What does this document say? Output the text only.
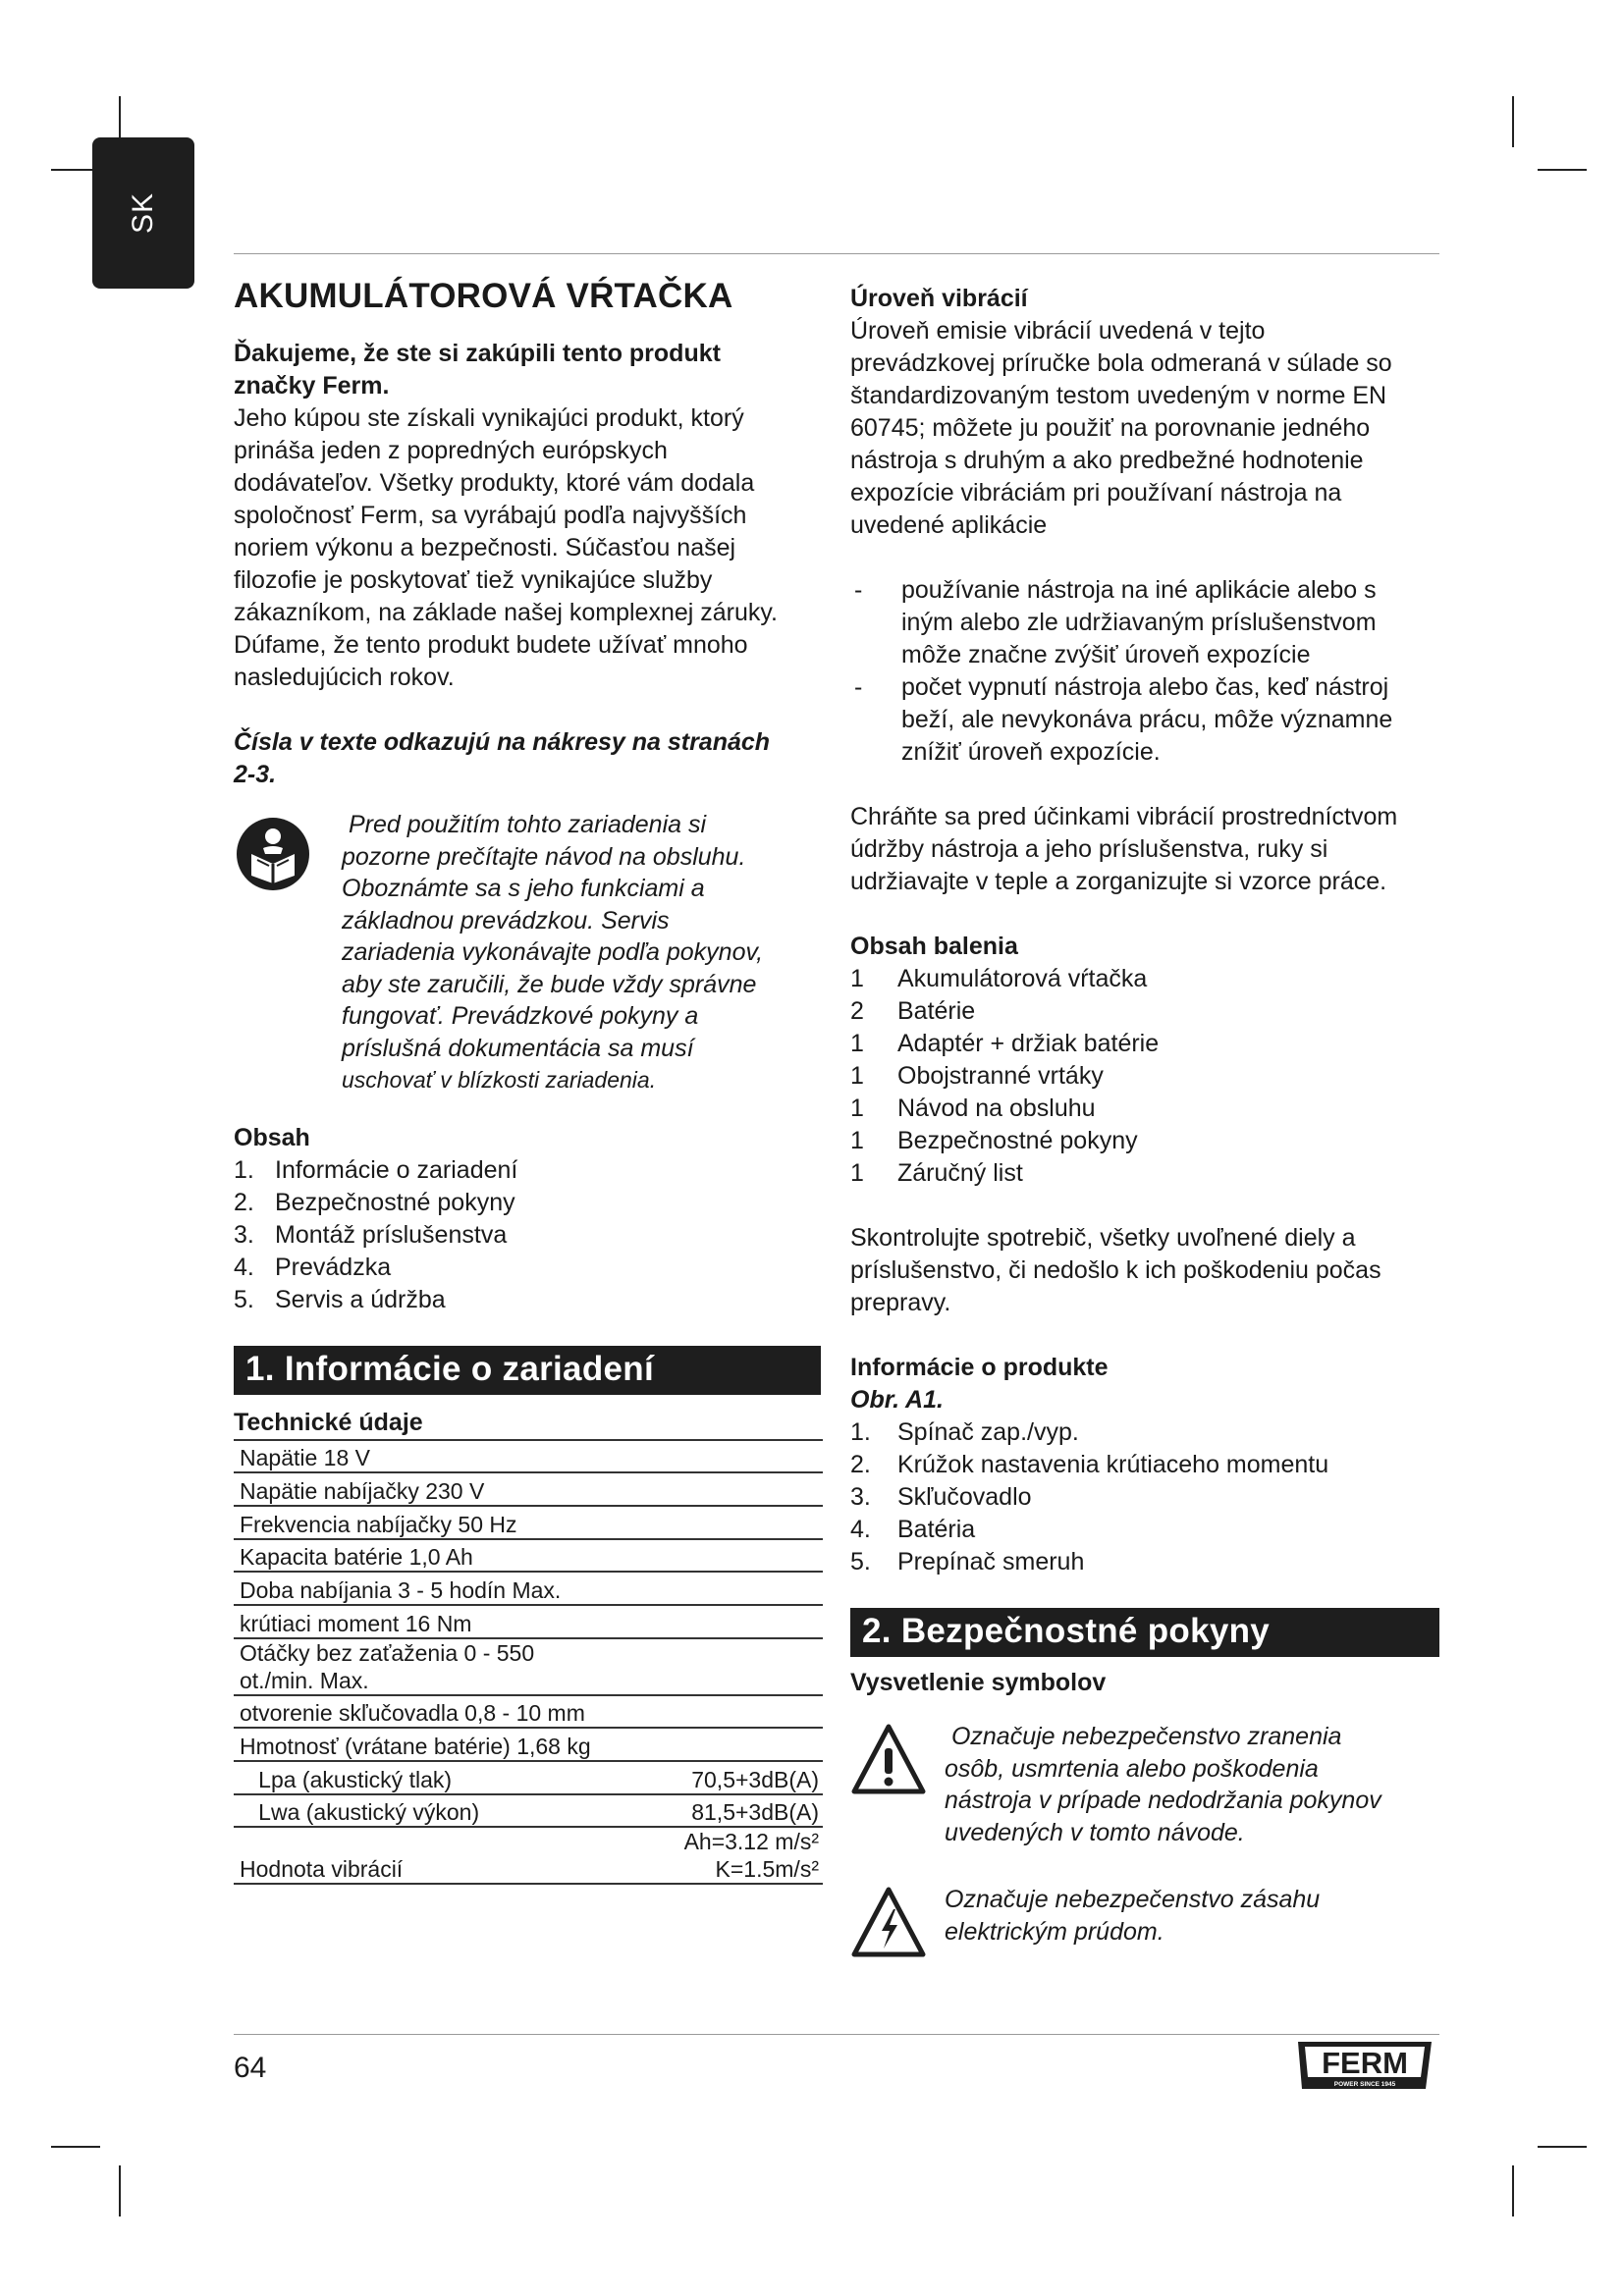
SK
AKUMULÁTOROVÁ VŔTAČKA

Ďakujeme, že ste si zakúpili tento produkt

značky Ferm.

Jeho kúpou ste získali vynikajúci produkt, ktorý

prináša jeden z popredných európskych

dodávateľov. Všetky produkty, ktoré vám dodala

spoločnosť Ferm, sa vyrábajú podľa najvyšších

noriem výkonu a bezpečnosti. Súčasťou našej

filozofie je poskytovať tiež vynikajúce služby

zákazníkom, na základe našej komplexnej záruky.

Dúfame, že tento produkt budete užívať mnoho

nasledujúcich rokov.

Čísla v texte odkazujú na nákresy na stranách

2-3.

Pred použitím tohto zariadenia si

pozorne prečítajte návod na obsluhu.

Oboznámte sa s jeho funkciami a

základnou prevádzkou. Servis

zariadenia vykonávajte podľa pokynov,

aby ste zaručili, že bude vždy správne

fungovať. Prevádzkové pokyny a

príslušná dokumentácia sa musí

uschovať v blízkosti zariadenia.

Obsah

1. Informácie o zariadení
2. Bezpečnostné pokyny
3. Montáž príslušenstva
4. Prevádzka
5. Servis a údržba
1. Informácie o zariadení

Technické údaje

Napätie 18 V	
Napätie nabíjačky 230 V	
Frekvencia nabíjačky 50 Hz	
Kapacita batérie 1,0 Ah	
Doba nabíjania 3 - 5 hodín Max.	
krútiaci moment 16 Nm	
Otáčky bez zaťaženia 0 - 550 ot./min. Max.	
otvorenie skľučovadla 0,8 - 10 mm	
Hmotnosť (vrátane batérie) 1,68 kg	
Lpa (akustický tlak)	70,5+3dB(A)
Lwa (akustický výkon)	81,5+3dB(A)
Hodnota vibrácií	Ah=3.12 m/s² K=1.5m/s²

Úroveň vibrácií

Úroveň emisie vibrácií uvedená v tejto

prevádzkovej príručke bola odmeraná v súlade so

štandardizovaným testom uvedeným v norme EN

60745; môžete ju použiť na porovnanie jedného

nástroja s druhým a ako predbežné hodnotenie

expozície vibráciám pri používaní nástroja na

uvedené aplikácie

-	používanie nástroja na iné aplikácie alebo s
iným alebo zle udržiavaným príslušenstvom
môže značne zvýšiť úroveň expozície
-	počet vypnutí nástroja alebo čas, keď nástroj
beží, ale nevykonáva prácu, môže významne
znížiť úroveň expozície.

Chráňte sa pred účinkami vibrácií prostredníctvom

údržby nástroja a jeho príslušenstva, ruky si

udržiavajte v teple a zorganizujte si vzorce práce.

Obsah balenia

1	Akumulátorová vŕtačka
2	Batérie
1	Adaptér + držiak batérie
1	Obojstranné vrtáky
1	Návod na obsluhu
1	Bezpečnostné pokyny
1	Záručný list

Skontrolujte spotrebič, všetky uvoľnené diely a

príslušenstvo, či nedošlo k ich poškodeniu počas

prepravy.

Informácie o produkte

Obr. A1.

1.	Spínač zap./vyp.
2.	Krúžok nastavenia krútiaceho momentu
3.	Skľučovadlo
4.	Batéria
5.	Prepínač smeruh
2. Bezpečnostné pokyny

Vysvetlenie symbolov

Označuje nebezpečenstvo zranenia

osôb, usmrtenia alebo poškodenia

nástroja v prípade nedodržania pokynov

uvedených v tomto návode.

Označuje nebezpečenstvo zásahu

elektrickým prúdom.

64	FERM
POWER SINCE 1945
